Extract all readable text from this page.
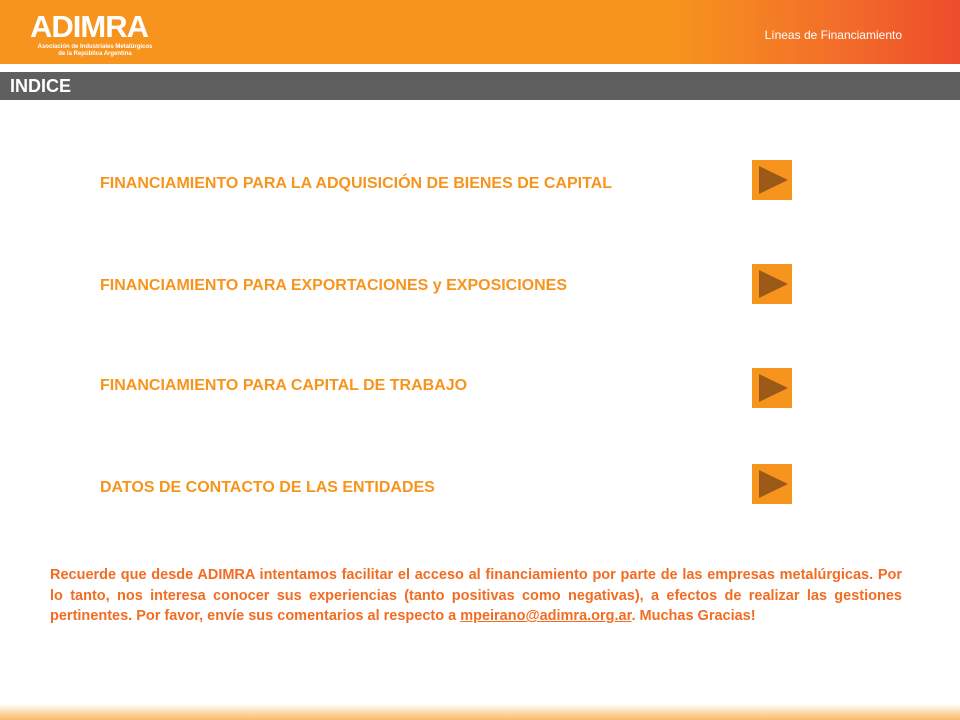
ADIMRA
Asociación de Industriales Metalúrgicos
de la República Argentina
Líneas de Financiamiento
INDICE
FINANCIAMIENTO PARA LA ADQUISICIÓN DE BIENES DE CAPITAL
FINANCIAMIENTO PARA EXPORTACIONES y EXPOSICIONES
FINANCIAMIENTO PARA CAPITAL DE TRABAJO
DATOS DE CONTACTO DE LAS ENTIDADES
Recuerde que desde ADIMRA intentamos facilitar el acceso al financiamiento por parte de las empresas metalúrgicas. Por lo tanto, nos interesa conocer sus experiencias (tanto positivas como negativas), a efectos de realizar las gestiones pertinentes. Por favor, envíe sus comentarios al respecto a mpeirano@adimra.org.ar. Muchas Gracias!
